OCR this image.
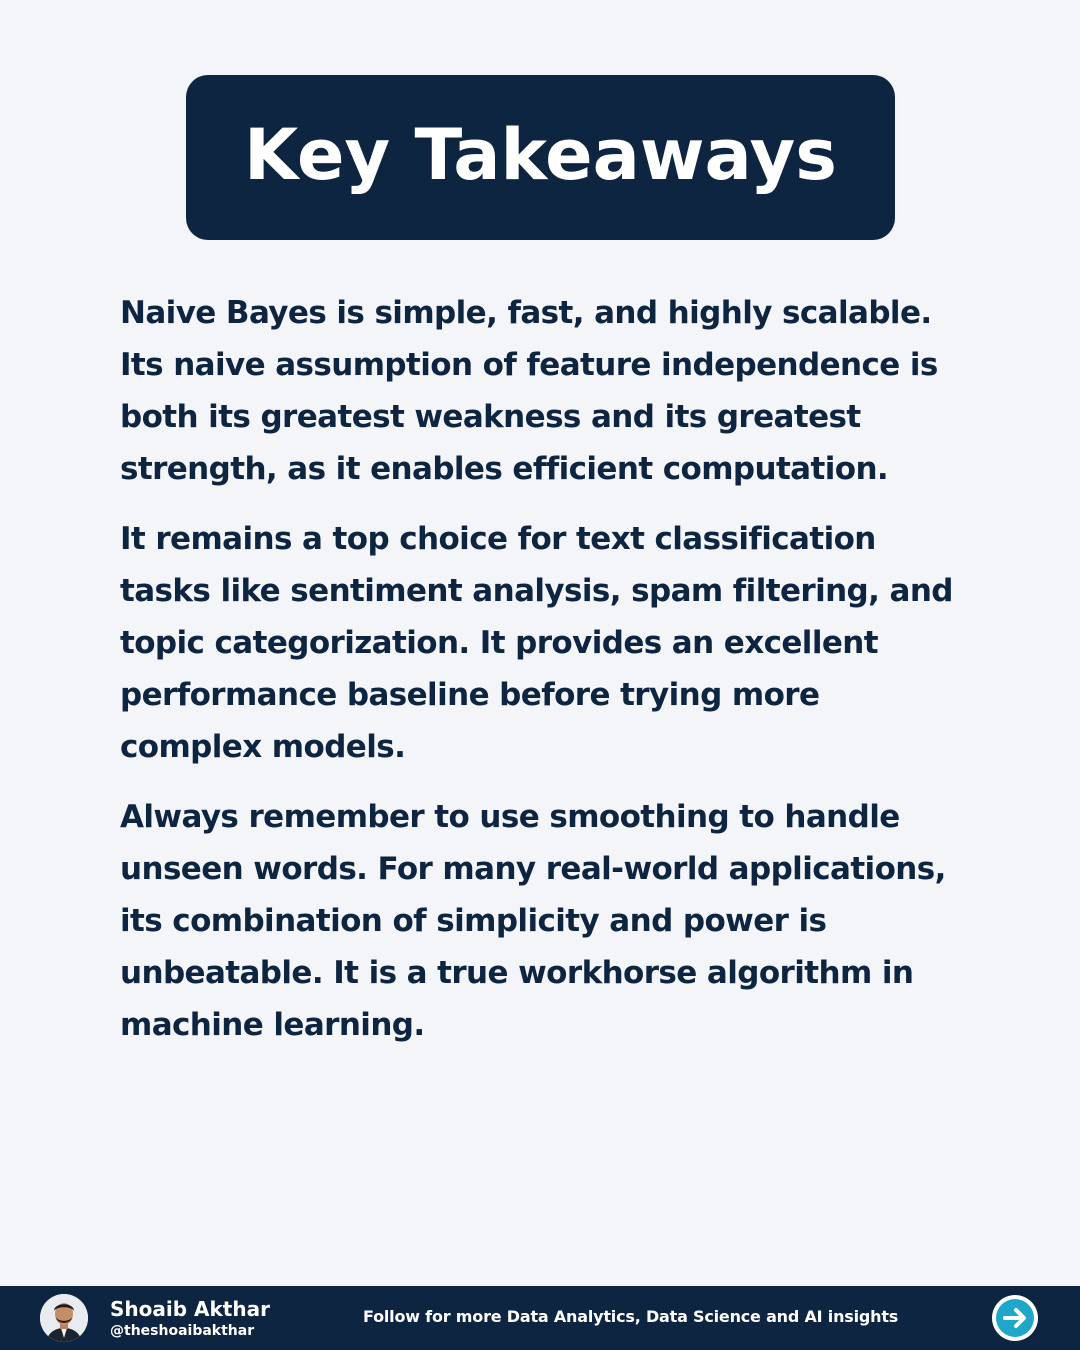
Key Takeaways

Naive Bayes is simple, fast, and highly scalable. Its naive assumption of feature independence is both its greatest weakness and its greatest strength, as it enables efficient computation.

It remains a top choice for text classification tasks like sentiment analysis, spam filtering, and topic categorization. It provides an excellent performance baseline before trying more complex models.

Always remember to use smoothing to handle unseen words. For many real-world applications, its combination of simplicity and power is unbeatable. It is a true workhorse algorithm in machine learning.

Shoaib Akthar
@theshoaibakthar
Follow for more Data Analytics, Data Science and AI insights
